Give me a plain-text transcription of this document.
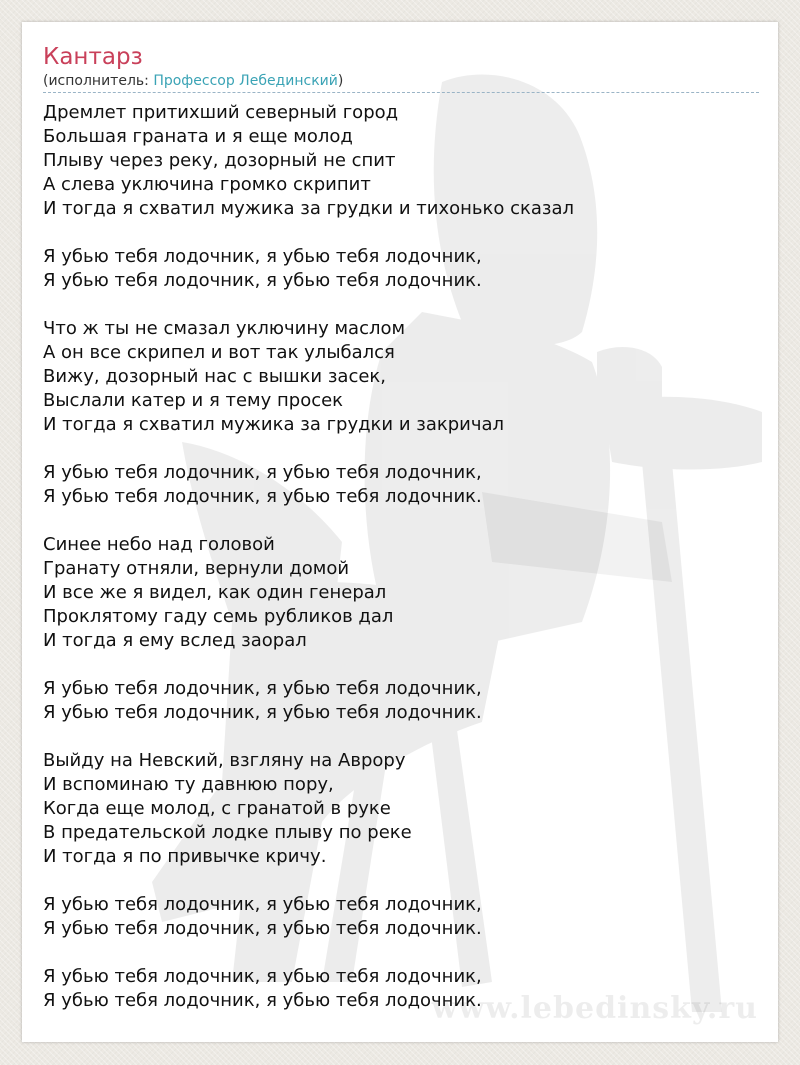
www.lebedinsky.ru
Кантарз
(исполнитель: Профессор Лебединский)
Дремлет притихший северный город
Большая граната и я еще молод
Плыву через реку, дозорный не спит
А слева уключина громко скрипит
И тогда я схватил мужика за грудки и тихонько сказал
Я убью тебя лодочник, я убью тебя лодочник,
Я убью тебя лодочник, я убью тебя лодочник.
Что ж ты не смазал уключину маслом
А он все скрипел и вот так улыбался
Вижу, дозорный нас с вышки засек,
Выслали катер и я тему просек
И тогда я схватил мужика за грудки и закричал
Я убью тебя лодочник, я убью тебя лодочник,
Я убью тебя лодочник, я убью тебя лодочник.
Синее небо над головой
Гранату отняли, вернули домой
И все же я видел, как один генерал
Проклятому гаду семь рубликов дал
И тогда я ему вслед заорал
Я убью тебя лодочник, я убью тебя лодочник,
Я убью тебя лодочник, я убью тебя лодочник.
Выйду на Невский, взгляну на Аврору
И вспоминаю ту давнюю пору,
Когда еще молод, с гранатой в руке
В предательской лодке плыву по реке
И тогда я по привычке кричу.
Я убью тебя лодочник, я убью тебя лодочник,
Я убью тебя лодочник, я убью тебя лодочник.
Я убью тебя лодочник, я убью тебя лодочник,
Я убью тебя лодочник, я убью тебя лодочник.
